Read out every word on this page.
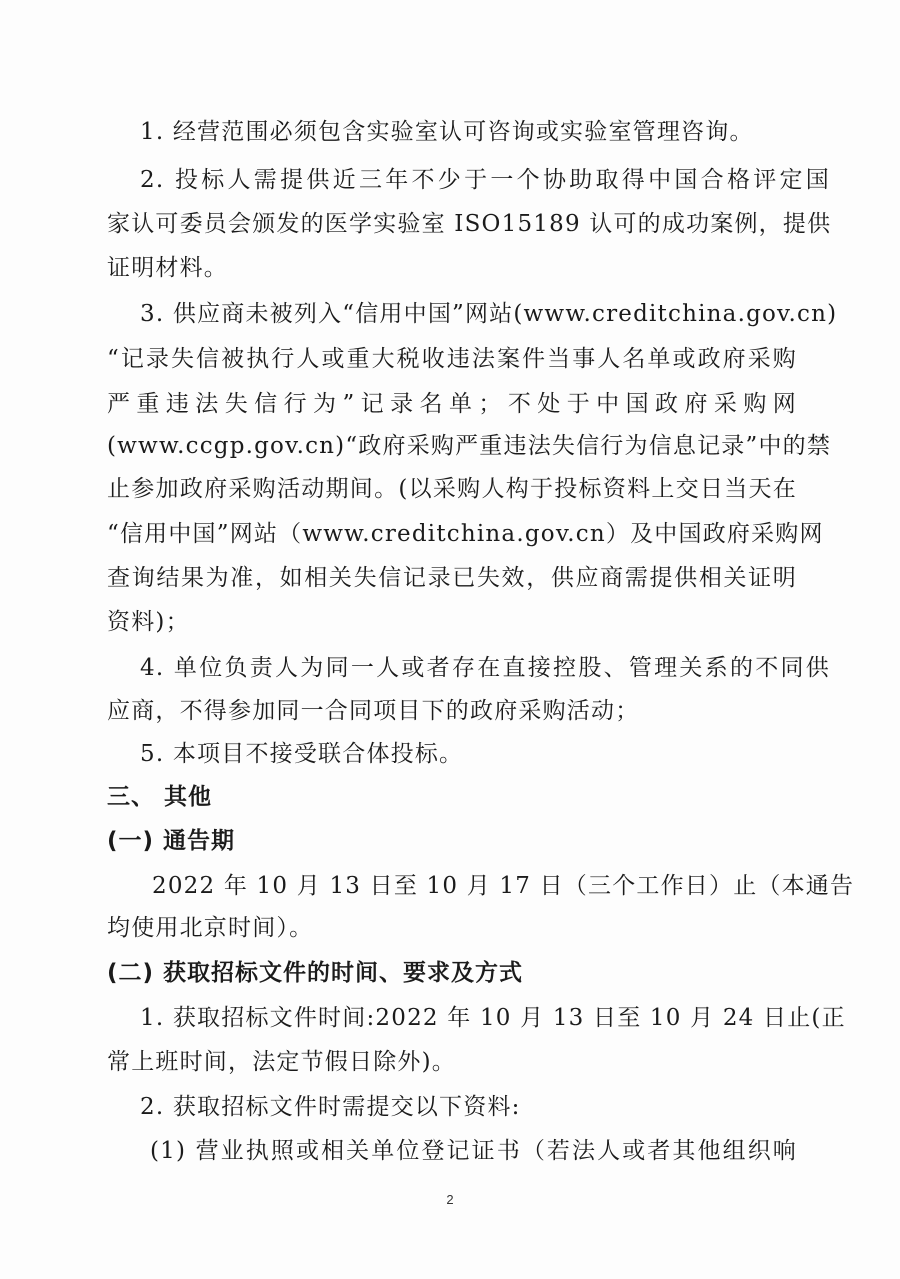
1. 经营范围必须包含实验室认可咨询或实验室管理咨询。
2. 投标人需提供近三年不少于一个协助取得中国合格评定国
家认可委员会颁发的医学实验室 ISO15189 认可的成功案例，提供
证明材料。
3. 供应商未被列入“信用中国”网站(www.creditchina.gov.cn)
“记录失信被执行人或重大税收违法案件当事人名单或政府采购
严重违法失信行为”记录名单；不处于中国政府采购网
(www.ccgp.gov.cn)“政府采购严重违法失信行为信息记录”中的禁
止参加政府采购活动期间。(以采购人构于投标资料上交日当天在
“信用中国”网站（www.creditchina.gov.cn）及中国政府采购网
查询结果为准，如相关失信记录已失效，供应商需提供相关证明
资料)；
4. 单位负责人为同一人或者存在直接控股、管理关系的不同供
应商，不得参加同一合同项目下的政府采购活动；
5. 本项目不接受联合体投标。
三、 其他
(一) 通告期
2022 年 10 月 13 日至 10 月 17 日（三个工作日）止（本通告
均使用北京时间）。
(二) 获取招标文件的时间、要求及方式
1. 获取招标文件时间:2022 年 10 月 13 日至 10 月 24 日止(正
常上班时间，法定节假日除外)。
2. 获取招标文件时需提交以下资料:
(1) 营业执照或相关单位登记证书（若法人或者其他组织响
2
